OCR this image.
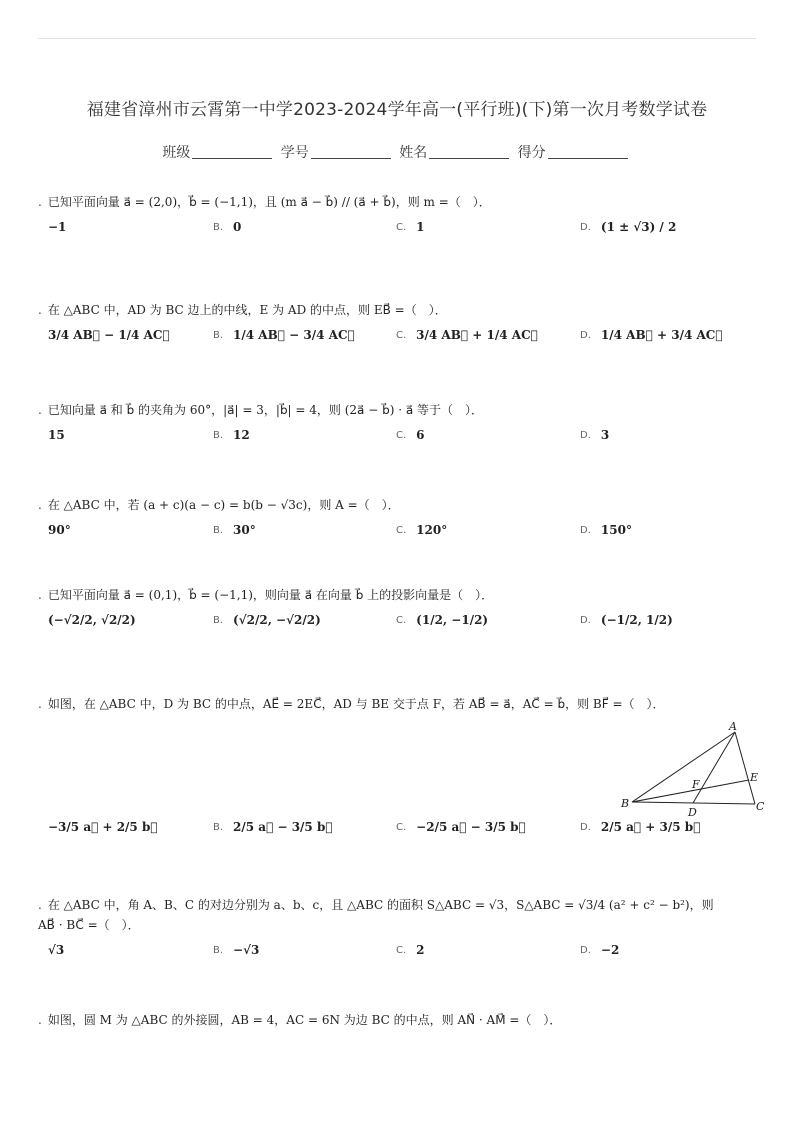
福建省漳州市云霄第一中学2023-2024学年高一(平行班)(下)第一次月考数学试卷
班级	学号	姓名	得分
. 已知平面向量 a⃗ = (2,0)，b⃗ = (−1,1)，且 (m a⃗ − b⃗) // (a⃗ + b⃗)，则 m =（　）．
−1	B. 0	C. 1	D. (1 ± √3) / 2
. 在 △ABC 中，AD 为 BC 边上的中线，E 为 AD 的中点，则 EB⃗ =（　）．
3/4 AB⃗ − 1/4 AC⃗	B. 1/4 AB⃗ − 3/4 AC⃗	C. 3/4 AB⃗ + 1/4 AC⃗	D. 1/4 AB⃗ + 3/4 AC⃗
. 已知向量 a⃗ 和 b⃗ 的夹角为 60°，|a⃗| = 3，|b⃗| = 4，则 (2a⃗ − b⃗) · a⃗ 等于（　）．
15	B. 12	C. 6	D. 3
. 在 △ABC 中，若 (a + c)(a − c) = b(b − √3c)，则 A =（　）．
90°	B. 30°	C. 120°	D. 150°
. 已知平面向量 a⃗ = (0,1)，b⃗ = (−1,1)，则向量 a⃗ 在向量 b⃗ 上的投影向量是（　）．
(−√2/2, √2/2)	B. (√2/2, −√2/2)	C. (1/2, −1/2)	D. (−1/2, 1/2)
. 如图，在 △ABC 中，D 为 BC 的中点，AE⃗ = 2EC⃗，AD 与 BE 交于点 F，若 AB⃗ = a⃗，AC⃗ = b⃗，则 BF⃗ =（　）．
−3/5 a⃗ + 2/5 b⃗	B. 2/5 a⃗ − 3/5 b⃗	C. −2/5 a⃗ − 3/5 b⃗	D. 2/5 a⃗ + 3/5 b⃗
A
B	C
D
E
F
. 在 △ABC 中，角 A、B、C 的对边分别为 a、b、c，且 △ABC 的面积 S△ABC = √3，S△ABC = √3/4 (a² + c² − b²)，则
AB⃗ · BC⃗ =（　）．
√3	B. −√3	C. 2	D. −2
. 如图，圆 M 为 △ABC 的外接圆，AB = 4，AC = 6N 为边 BC 的中点，则 AN⃗ · AM⃗ =（　）．
